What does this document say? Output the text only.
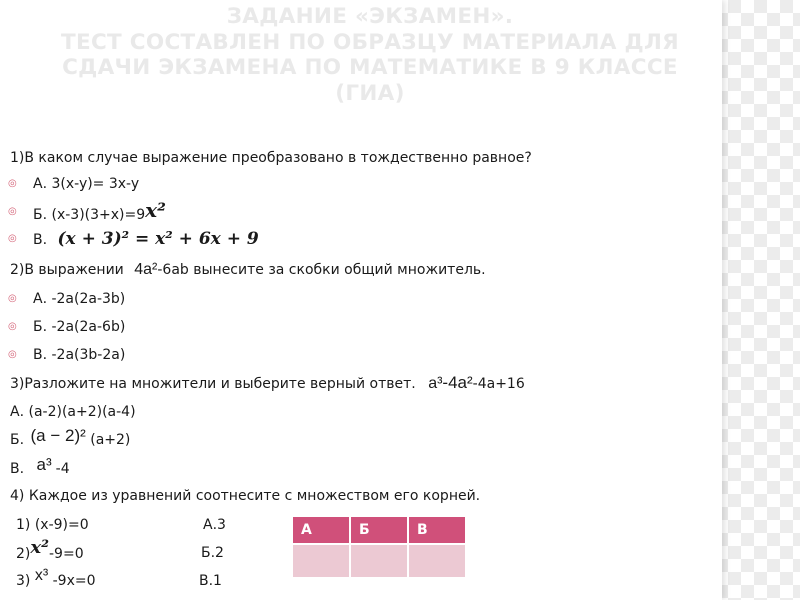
ЗАДАНИЕ «ЭКЗАМЕН».
ТЕСТ СОСТАВЛЕН ПО ОБРАЗЦУ МАТЕРИАЛА ДЛЯ
СДАЧИ ЭКЗАМЕНА ПО МАТЕМАТИКЕ В 9 КЛАССЕ
(ГИА)
1)В каком случае выражение преобразовано в тождественно равное?
◎ А. 3(x-y)= 3x-y
◎ Б. (x-3)(3+x)=9x²
◎ В. (x + 3)² = x² + 6x + 9
2)В выражении 4a²-6ab вынесите за скобки общий множитель.
◎ А. -2a(2a-3b)
◎ Б. -2a(2a-6b)
◎ В. -2a(3b-2a)
3)Разложите на множители и выберите верный ответ. a³-4a²-4a+16
А. (a-2)(a+2)(a-4)
Б. (a − 2)² (a+2)
В. a³ -4
4) Каждое из уравнений соотнесите с множеством его корней.
1) (x-9)=0	А.3
2)x²-9=0	Б.2
3) x³ -9x=0	В.1
А	Б	В
